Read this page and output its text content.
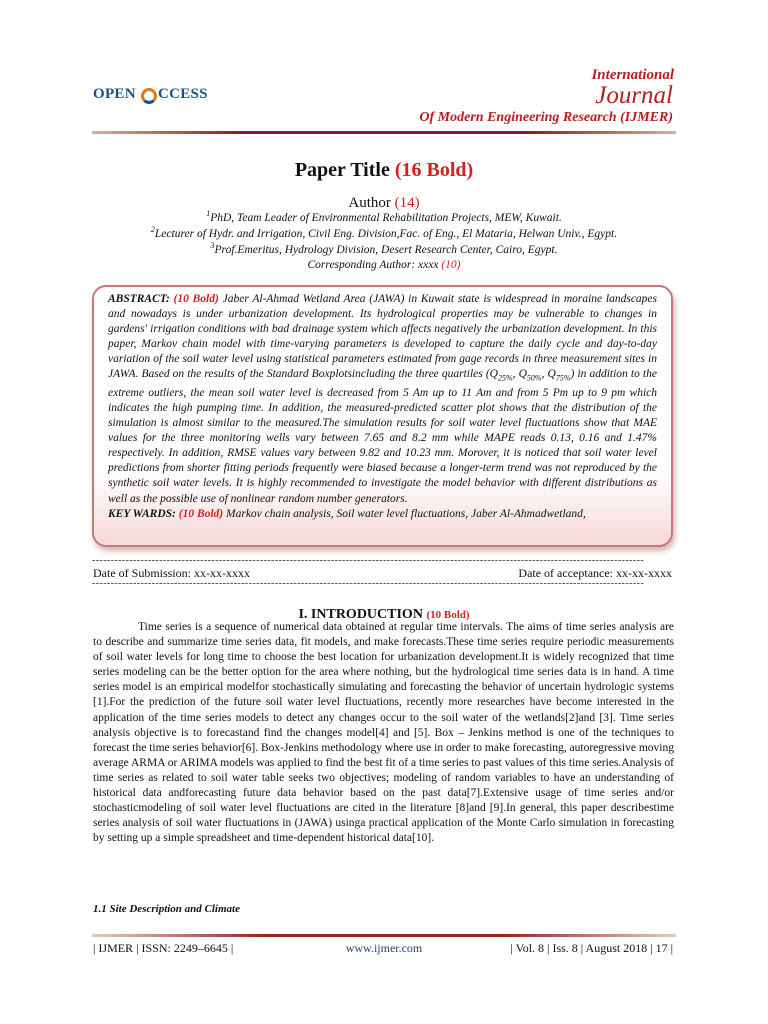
OPEN
CCESS
International
Journal
Of Modern Engineering Research (IJMER)
Paper Title (16 Bold)
Author (14)
$^1$PhD, Team Leader of Environmental Rehabilitation Projects, MEW, Kuwait.
$^2$Lecturer of Hydr. and Irrigation, Civil Eng. Division,Fac. of Eng., El Mataria, Helwan Univ., Egypt.
$^3$Prof.Emeritus, Hydrology Division, Desert Research Center, Cairo, Egypt.
Corresponding Author: xxxx (10)
ABSTRACT: (10 Bold) Jaber Al-Ahmad Wetland Area (JAWA) in Kuwait state is widespread in moraine landscapes and nowadays is under urbanization development. Its hydrological properties may be vulnerable to changes in gardens' irrigation conditions with bad drainage system which affects negatively the urbanization development. In this paper, Markov chain model with time-varying parameters is developed to capture the daily cycle and day-to-day variation of the soil water level using statistical parameters estimated from gage records in three measurement sites in JAWA. Based on the results of the Standard Boxplotsincluding the three quartiles ($Q_{25\%}$, $Q_{50\%}$, $Q_{75\%}$) in addition to the extreme outliers, the mean soil water level is decreased from 5 Am up to 11 Am and from 5 Pm up to 9 pm which indicates the high pumping time. In addition, the measured-predicted scatter plot shows that the distribution of the simulation is almost similar to the measured.The simulation results for soil water level fluctuations show that MAE values for the three monitoring wells vary between 7.65 and 8.2 mm while MAPE reads 0.13, 0.16 and 1.47% respectively. In addition, RMSE values vary between 9.82 and 10.23 mm. Morover, it is noticed that soil water level predictions from shorter fitting periods frequently were biased because a longer-term trend was not reproduced by the synthetic soil water levels. It is highly recommended to investigate the model behavior with different distributions as well as the possible use of nonlinear random number generators.
KEY WARDS: (10 Bold) Markov chain analysis, Soil water level fluctuations, Jaber Al-Ahmadwetland,
----------------------------------------------------------------------------------------------------------------------------------------------------
Date of Submission: xx-xx-xxxx	Date of acceptance: xx-xx-xxxx
----------------------------------------------------------------------------------------------------------------------------------------------------
I. INTRODUCTION (10 Bold)

Time series is a sequence of numerical data obtained at regular time intervals. The aims of time series analysis are to describe and summarize time series data, fit models, and make forecasts.These time series require periodic measurements of soil water levels for long time to choose the best location for urbanization development.It is widely recognized that time series modeling can be the better option for the area where nothing, but the hydrological time series data is in hand. A time series model is an empirical modelfor stochastically simulating and forecasting the behavior of uncertain hydrologic systems [1].For the prediction of the future soil water level fluctuations, recently more researches have become interested in the application of the time series models to detect any changes occur to the soil water of the wetlands[2]and [3]. Time series analysis objective is to forecastand find the changes model[4] and [5]. Box – Jenkins method is one of the techniques to forecast the time series behavior[6]. Box-Jenkins methodology where use in order to make forecasting, autoregressive moving average ARMA or ARIMA models was applied to find the best fit of a time series to past values of this time series.Analysis of time series as related to soil water table seeks two objectives; modeling of random variables to have an understanding of historical data andforecasting future data behavior based on the past data[7].Extensive usage of time series and/or stochasticmodeling of soil water level fluctuations are cited in the literature [8]and [9].In general, this paper describestime series analysis of soil water fluctuations in (JAWA) usinga practical application of the Monte Carlo simulation in forecasting by setting up a simple spreadsheet and time-dependent historical data[10].

1.1 Site Description and Climate
| IJMER | ISSN: 2249–6645 |	www.ijmer.com	| Vol. 8 | Iss. 8 | August 2018 | 17 |
